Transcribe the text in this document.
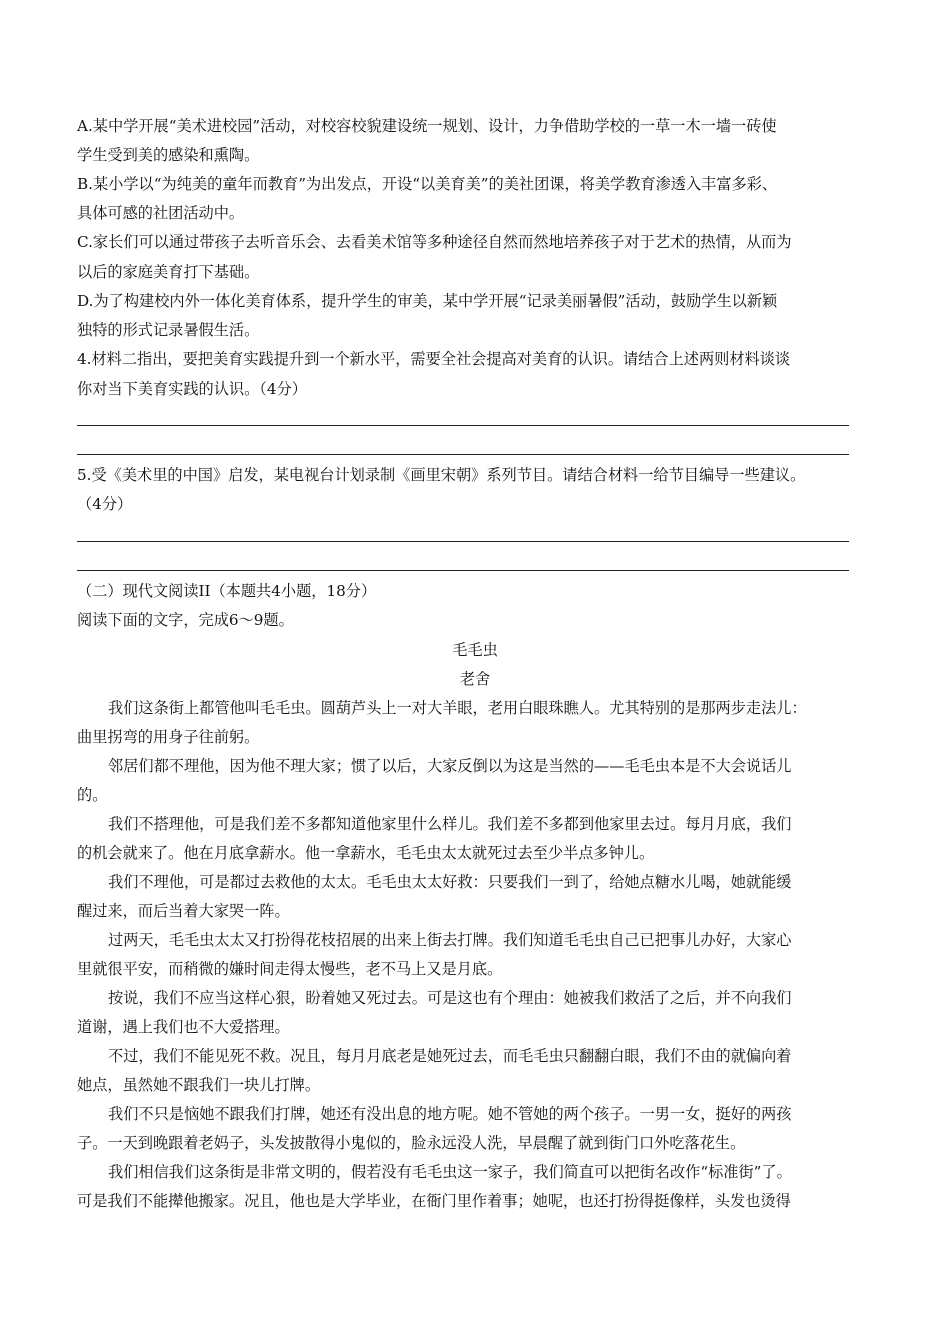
A.某中学开展“美术进校园”活动，对校容校貌建设统一规划、设计，力争借助学校的一草一木一墙一砖使
学生受到美的感染和熏陶。
B.某小学以“为纯美的童年而教育”为出发点，开设“以美育美”的美社团课，将美学教育渗透入丰富多彩、
具体可感的社团活动中。
C.家长们可以通过带孩子去听音乐会、去看美术馆等多种途径自然而然地培养孩子对于艺术的热情，从而为
以后的家庭美育打下基础。
D.为了构建校内外一体化美育体系，提升学生的审美，某中学开展“记录美丽暑假”活动，鼓励学生以新颖
独特的形式记录暑假生活。
4.材料二指出，要把美育实践提升到一个新水平，需要全社会提高对美育的认识。请结合上述两则材料谈谈
你对当下美育实践的认识。（4分）
5.受《美术里的中国》启发，某电视台计划录制《画里宋朝》系列节目。请结合材料一给节目编导一些建议。
（4分）
（二）现代文阅读II（本题共4小题，18分）
阅读下面的文字，完成6～9题。
毛毛虫
老舍
我们这条街上都管他叫毛毛虫。圆葫芦头上一对大羊眼，老用白眼珠瞧人。尤其特别的是那两步走法儿：
曲里拐弯的用身子往前躬。
邻居们都不理他，因为他不理大家；惯了以后，大家反倒以为这是当然的——毛毛虫本是不大会说话儿
的。
我们不搭理他，可是我们差不多都知道他家里什么样儿。我们差不多都到他家里去过。每月月底，我们
的机会就来了。他在月底拿薪水。他一拿薪水，毛毛虫太太就死过去至少半点多钟儿。
我们不理他，可是都过去救他的太太。毛毛虫太太好救：只要我们一到了，给她点糖水儿喝，她就能缓
醒过来，而后当着大家哭一阵。
过两天，毛毛虫太太又打扮得花枝招展的出来上街去打牌。我们知道毛毛虫自己已把事儿办好，大家心
里就很平安，而稍微的嫌时间走得太慢些，老不马上又是月底。
按说，我们不应当这样心狠，盼着她又死过去。可是这也有个理由：她被我们救活了之后，并不向我们
道谢，遇上我们也不大爱搭理。
不过，我们不能见死不救。况且，每月月底老是她死过去，而毛毛虫只翻翻白眼，我们不由的就偏向着
她点，虽然她不跟我们一块儿打牌。
我们不只是恼她不跟我们打牌，她还有没出息的地方呢。她不管她的两个孩子。一男一女，挺好的两孩
子。一天到晚跟着老妈子，头发披散得小鬼似的，脸永远没人洗，早晨醒了就到街门口外吃落花生。
我们相信我们这条街是非常文明的，假若没有毛毛虫这一家子，我们简直可以把街名改作“标准街”了。
可是我们不能撵他搬家。况且，他也是大学毕业，在衙门里作着事；她呢，也还打扮得挺像样，头发也烫得
